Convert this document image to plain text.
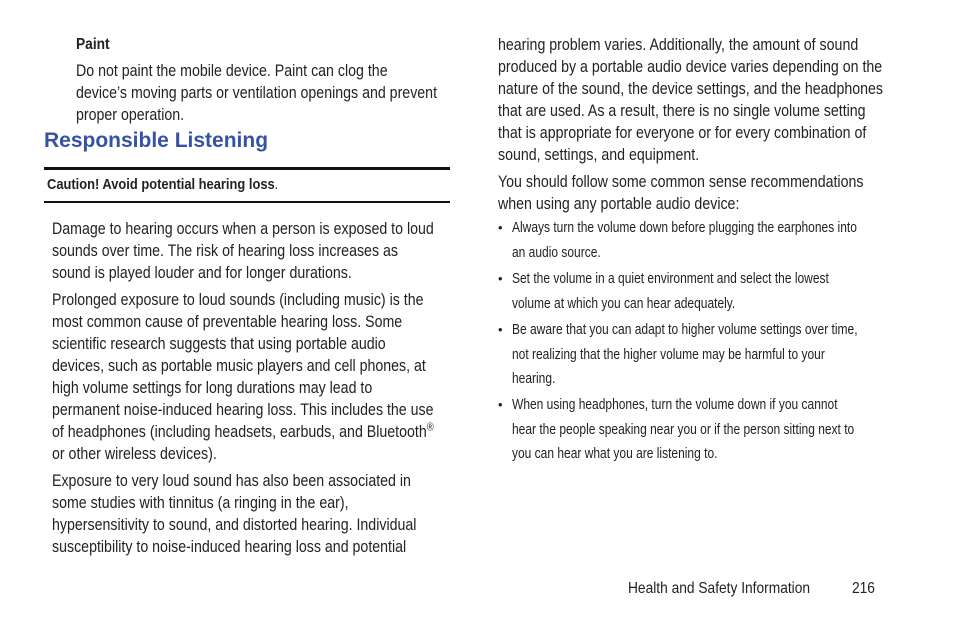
Paint
Do not paint the mobile device. Paint can clog the
device’s moving parts or ventilation openings and prevent
proper operation.
Responsible Listening
Caution! Avoid potential hearing loss.
Damage to hearing occurs when a person is exposed to loud
sounds over time. The risk of hearing loss increases as
sound is played louder and for longer durations.
Prolonged exposure to loud sounds (including music) is the
most common cause of preventable hearing loss. Some
scientific research suggests that using portable audio
devices, such as portable music players and cell phones, at
high volume settings for long durations may lead to
permanent noise-induced hearing loss. This includes the use
of headphones (including headsets, earbuds, and Bluetooth®
or other wireless devices).
Exposure to very loud sound has also been associated in
some studies with tinnitus (a ringing in the ear),
hypersensitivity to sound, and distorted hearing. Individual
susceptibility to noise-induced hearing loss and potential
hearing problem varies. Additionally, the amount of sound
produced by a portable audio device varies depending on the
nature of the sound, the device settings, and the headphones
that are used. As a result, there is no single volume setting
that is appropriate for everyone or for every combination of
sound, settings, and equipment.
You should follow some common sense recommendations
when using any portable audio device:
• Always turn the volume down before plugging the earphones into
an audio source.
• Set the volume in a quiet environment and select the lowest
volume at which you can hear adequately.
• Be aware that you can adapt to higher volume settings over time,
not realizing that the higher volume may be harmful to your
hearing.
• When using headphones, turn the volume down if you cannot
hear the people speaking near you or if the person sitting next to
you can hear what you are listening to.
Health and Safety Information	216
